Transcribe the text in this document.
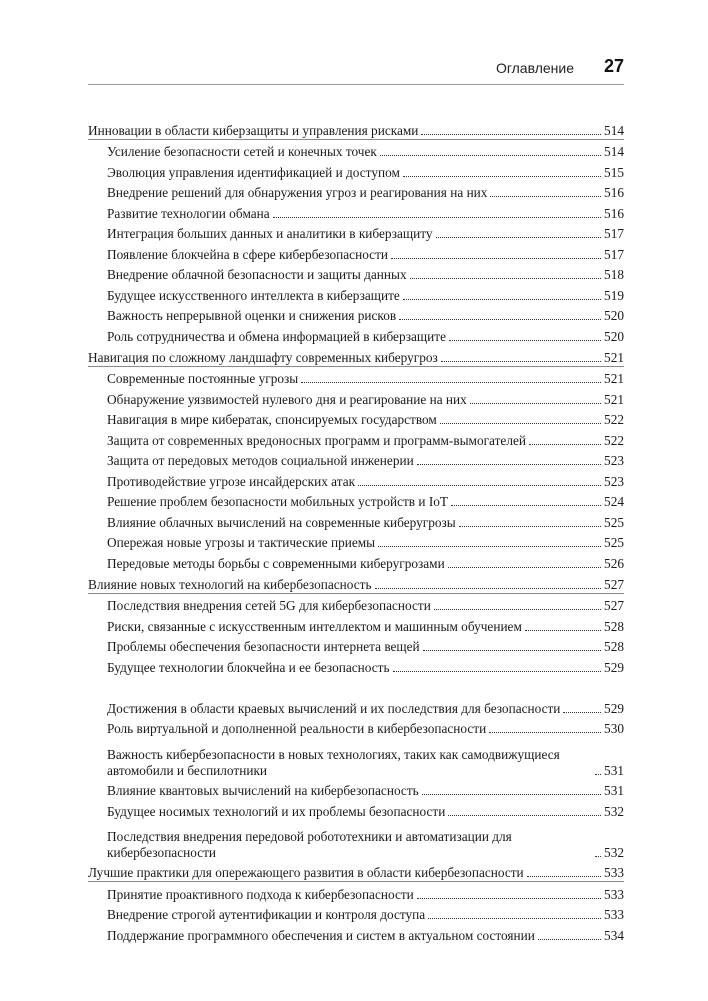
Оглавление 27
Инновации в области киберзащиты и управления рисками	514
Усиление безопасности сетей и конечных точек	514
Эволюция управления идентификацией и доступом	515
Внедрение решений для обнаружения угроз и реагирования на них	516
Развитие технологии обмана	516
Интеграция больших данных и аналитики в киберзащиту	517
Появление блокчейна в сфере кибербезопасности	517
Внедрение облачной безопасности и защиты данных	518
Будущее искусственного интеллекта в киберзащите	519
Важность непрерывной оценки и снижения рисков	520
Роль сотрудничества и обмена информацией в киберзащите	520
Навигация по сложному ландшафту современных киберугроз	521
Современные постоянные угрозы	521
Обнаружение уязвимостей нулевого дня и реагирование на них	521
Навигация в мире кибератак, спонсируемых государством	522
Защита от современных вредоносных программ и программ-вымогателей	522
Защита от передовых методов социальной инженерии	523
Противодействие угрозе инсайдерских атак	523
Решение проблем безопасности мобильных устройств и IoT	524
Влияние облачных вычислений на современные киберугрозы	525
Опережая новые угрозы и тактические приемы	525
Передовые методы борьбы с современными киберугрозами	526
Влияние новых технологий на кибербезопасность	527
Последствия внедрения сетей 5G для кибербезопасности	527
Риски, связанные с искусственным интеллектом и машинным обучением	528
Проблемы обеспечения безопасности интернета вещей	528
Будущее технологии блокчейна и ее безопасность	529
Достижения в области краевых вычислений и их последствия для безопасности	529
Роль виртуальной и дополненной реальности в кибербезопасности	530
Важность кибербезопасности в новых технологиях, таких как самодвижущиеся автомобили и беспилотники	531
Влияние квантовых вычислений на кибербезопасность	531
Будущее носимых технологий и их проблемы безопасности	532
Последствия внедрения передовой робототехники и автоматизации для кибербезопасности	532
Лучшие практики для опережающего развития в области кибербезопасности	533
Принятие проактивного подхода к кибербезопасности	533
Внедрение строгой аутентификации и контроля доступа	533
Поддержание программного обеспечения и систем в актуальном состоянии	534
